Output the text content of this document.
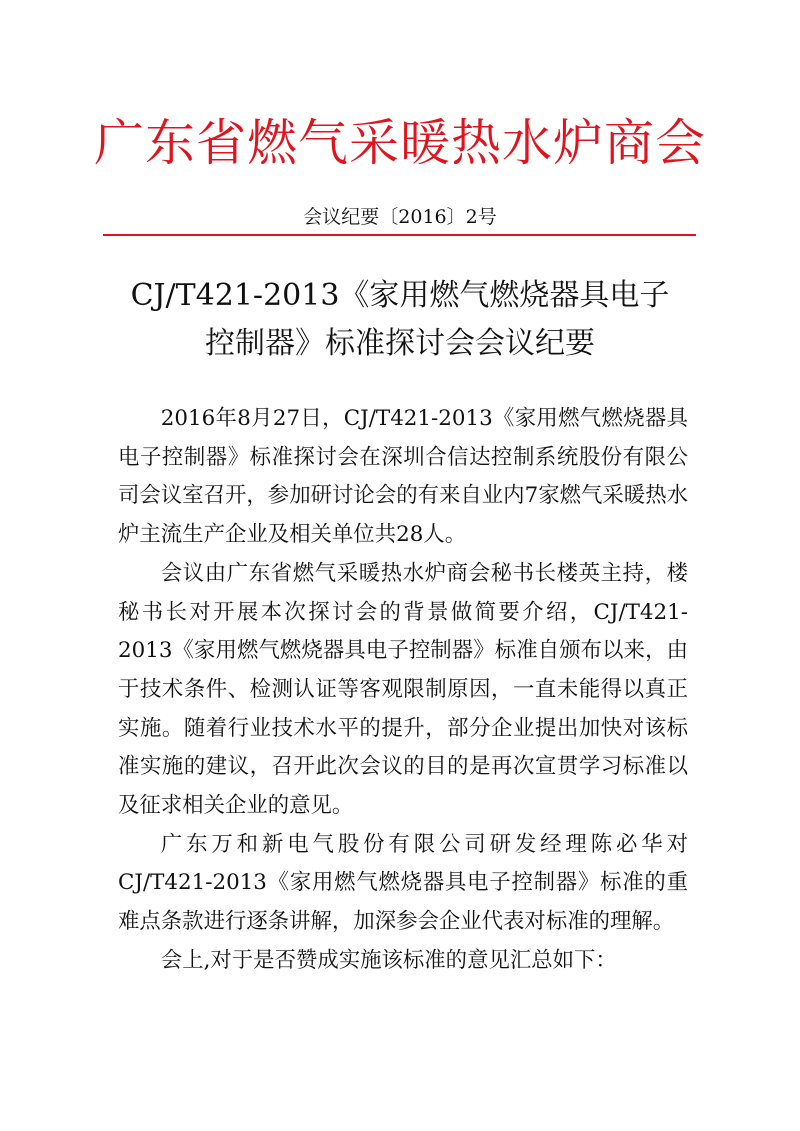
广东省燃气采暖热水炉商会
会议纪要〔2016〕2号
CJ/T421-2013《家用燃气燃烧器具电子
控制器》标准探讨会会议纪要

2016年8月27日，CJ/T421-2013《家用燃气燃烧器具电子控制器》标准探讨会在深圳合信达控制系统股份有限公司会议室召开，参加研讨论会的有来自业内7家燃气采暖热水炉主流生产企业及相关单位共28人。

会议由广东省燃气采暖热水炉商会秘书长楼英主持，楼秘书长对开展本次探讨会的背景做简要介绍，CJ/T421-2013《家用燃气燃烧器具电子控制器》标准自颁布以来，由于技术条件、检测认证等客观限制原因，一直未能得以真正实施。随着行业技术水平的提升，部分企业提出加快对该标准实施的建议，召开此次会议的目的是再次宣贯学习标准以及征求相关企业的意见。

广东万和新电气股份有限公司研发经理陈必华对CJ/T421-2013《家用燃气燃烧器具电子控制器》标准的重难点条款进行逐条讲解，加深参会企业代表对标准的理解。

会上,对于是否赞成实施该标准的意见汇总如下：
